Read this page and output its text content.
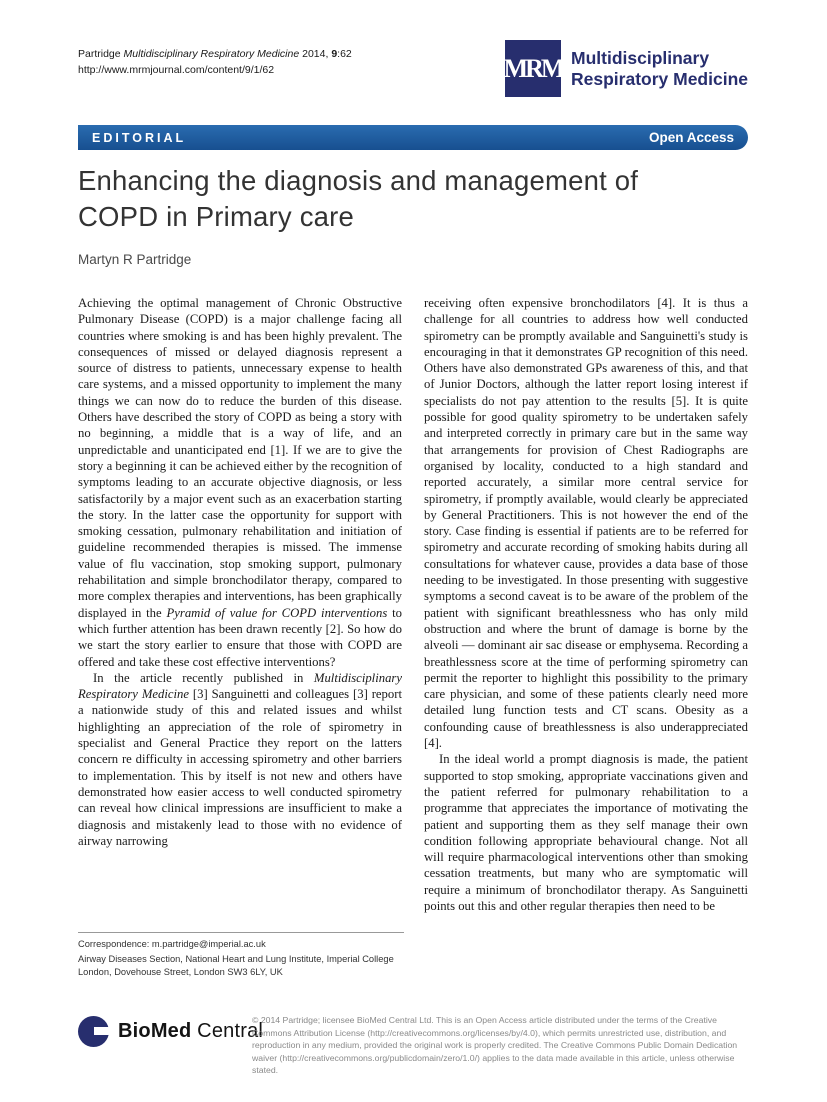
Partridge Multidisciplinary Respiratory Medicine 2014, 9:62
http://www.mrmjournal.com/content/9/1/62	MRM Multidisciplinary
Respiratory Medicine
EDITORIAL	Open Access
Enhancing the diagnosis and management of COPD in Primary care
Martyn R Partridge

Achieving the optimal management of Chronic Obstructive Pulmonary Disease (COPD) is a major challenge facing all countries where smoking is and has been highly prevalent. The consequences of missed or delayed diagnosis represent a source of distress to patients, unnecessary expense to health care systems, and a missed opportunity to implement the many things we can now do to reduce the burden of this disease. Others have described the story of COPD as being a story with no beginning, a middle that is a way of life, and an unpredictable and unanticipated end [1]. If we are to give the story a beginning it can be achieved either by the recognition of symptoms leading to an accurate objective diagnosis, or less satisfactorily by a major event such as an exacerbation starting the story. In the latter case the opportunity for support with smoking cessation, pulmonary rehabilitation and initiation of guideline recommended therapies is missed. The immense value of flu vaccination, stop smoking support, pulmonary rehabilitation and simple bronchodilator therapy, compared to more complex therapies and interventions, has been graphically displayed in the Pyramid of value for COPD interventions to which further attention has been drawn recently [2]. So how do we start the story earlier to ensure that those with COPD are offered and take these cost effective interventions?

In the article recently published in Multidisciplinary Respiratory Medicine [3] Sanguinetti and colleagues [3] report a nationwide study of this and related issues and whilst highlighting an appreciation of the role of spirometry in specialist and General Practice they report on the latters concern re difficulty in accessing spirometry and other barriers to implementation. This by itself is not new and others have demonstrated how easier access to well conducted spirometry can reveal how clinical impressions are insufficient to make a diagnosis and mistakenly lead to those with no evidence of airway narrowing

receiving often expensive bronchodilators [4]. It is thus a challenge for all countries to address how well conducted spirometry can be promptly available and Sanguinetti's study is encouraging in that it demonstrates GP recognition of this need. Others have also demonstrated GPs awareness of this, and that of Junior Doctors, although the latter report losing interest if specialists do not pay attention to the results [5]. It is quite possible for good quality spirometry to be undertaken safely and interpreted correctly in primary care but in the same way that arrangements for provision of Chest Radiographs are organised by locality, conducted to a high standard and reported accurately, a similar more central service for spirometry, if promptly available, would clearly be appreciated by General Practitioners. This is not however the end of the story. Case finding is essential if patients are to be referred for spirometry and accurate recording of smoking habits during all consultations for whatever cause, provides a data base of those needing to be investigated. In those presenting with suggestive symptoms a second caveat is to be aware of the problem of the patient with significant breathlessness who has only mild obstruction and where the brunt of damage is borne by the alveoli — dominant air sac disease or emphysema. Recording a breathlessness score at the time of performing spirometry can permit the reporter to highlight this possibility to the primary care physician, and some of these patients clearly need more detailed lung function tests and CT scans. Obesity as a confounding cause of breathlessness is also underappreciated [4].

In the ideal world a prompt diagnosis is made, the patient supported to stop smoking, appropriate vaccinations given and the patient referred for pulmonary rehabilitation to a programme that appreciates the importance of motivating the patient and supporting them as they self manage their own condition following appropriate behavioural change. Not all will require pharmacological interventions other than smoking cessation treatments, but many who are symptomatic will require a minimum of bronchodilator therapy. As Sanguinetti points out this and other regular therapies then need to be

Correspondence: m.partridge@imperial.ac.uk
Airway Diseases Section, National Heart and Lung Institute, Imperial College London, Dovehouse Street, London SW3 6LY, UK
BioMed Central
© 2014 Partridge; licensee BioMed Central Ltd. This is an Open Access article distributed under the terms of the Creative Commons Attribution License (http://creativecommons.org/licenses/by/4.0), which permits unrestricted use, distribution, and reproduction in any medium, provided the original work is properly credited. The Creative Commons Public Domain Dedication waiver (http://creativecommons.org/publicdomain/zero/1.0/) applies to the data made available in this article, unless otherwise stated.
